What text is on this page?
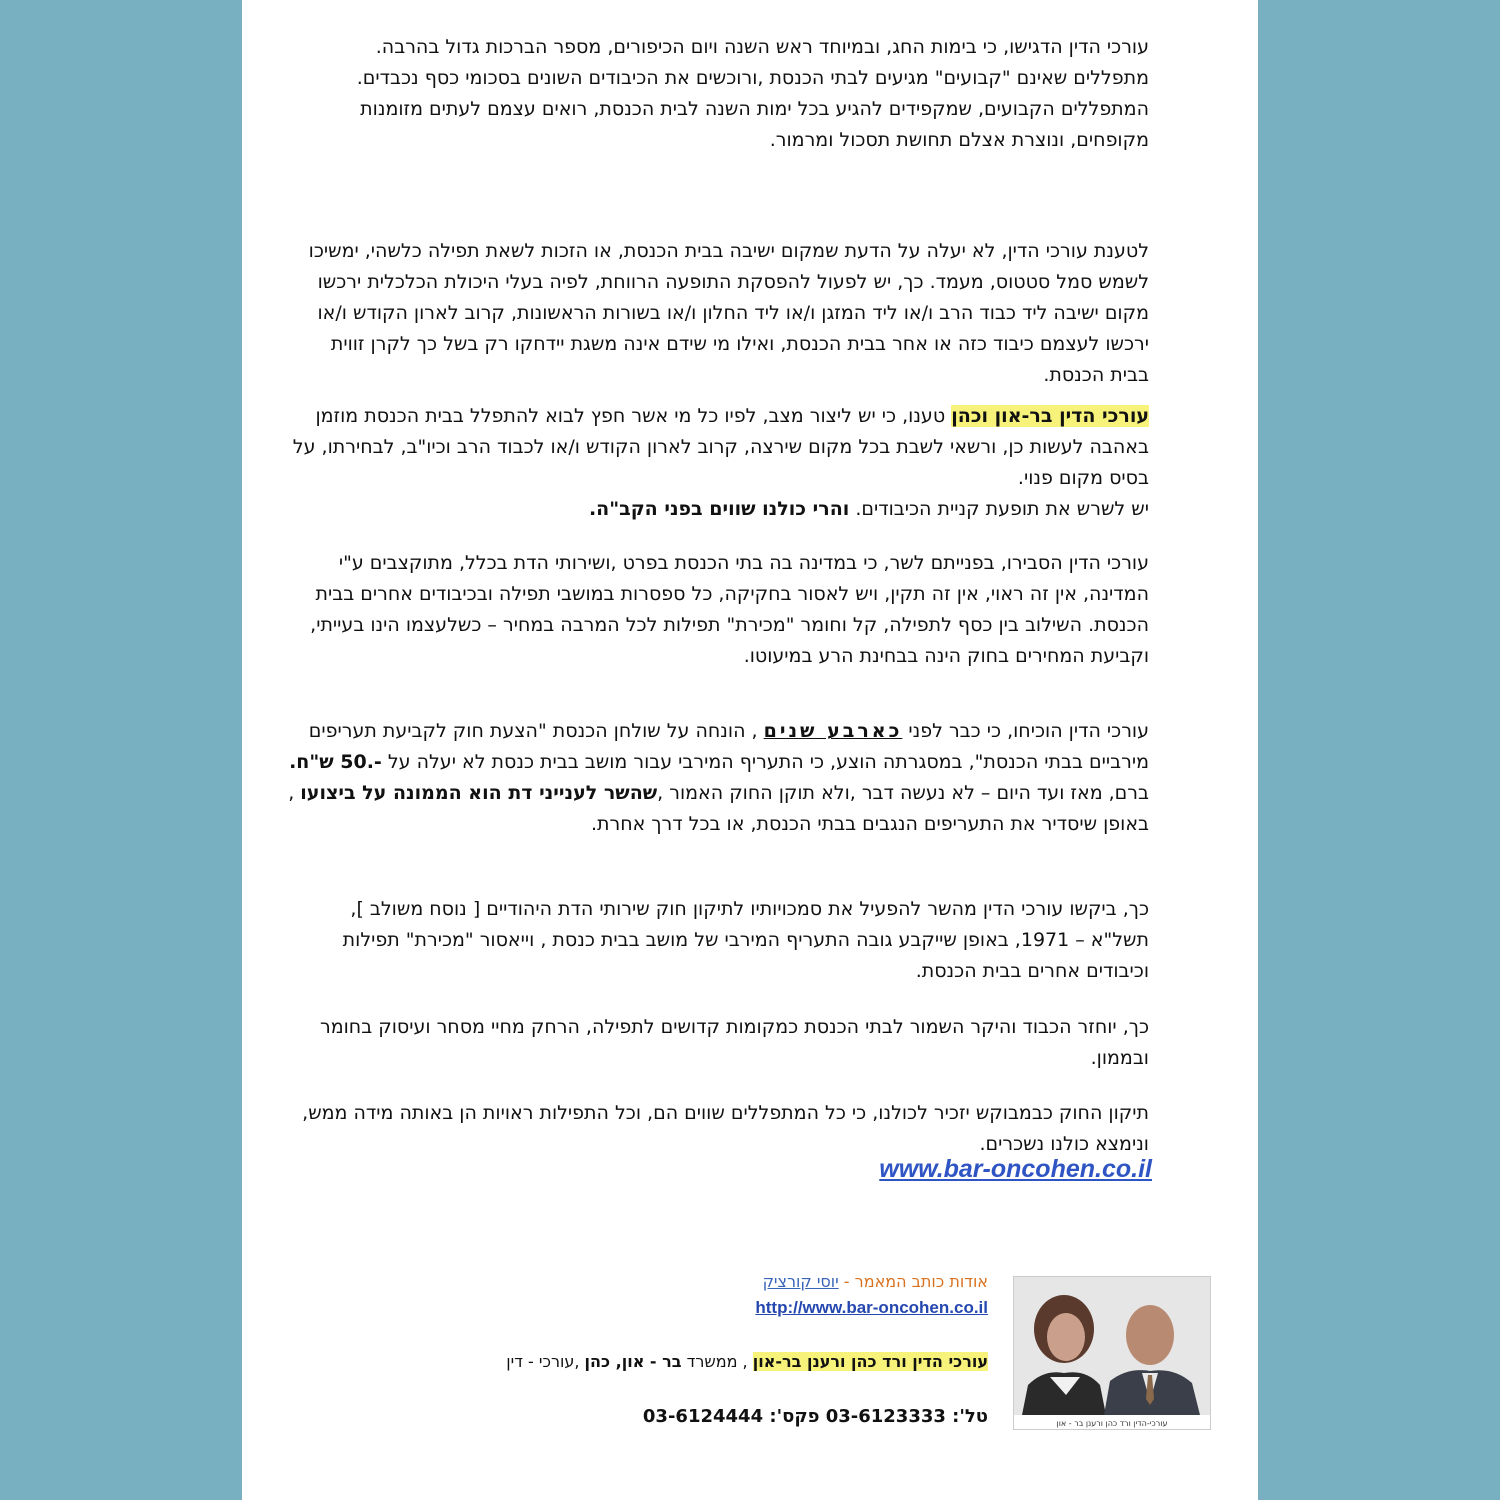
עורכי הדין הדגישו, כי בימות החג, ובמיוחד ראש השנה ויום הכיפורים, מספר הברכות גדול בהרבה.

מתפללים שאינם "קבועים" מגיעים לבתי הכנסת ,ורוכשים את הכיבודים השונים בסכומי כסף נכבדים.

המתפללים הקבועים, שמקפידים להגיע בכל ימות השנה לבית הכנסת, רואים עצמם לעתים מזומנות מקופחים, ונוצרת אצלם תחושת תסכול ומרמור.

לטענת עורכי הדין, לא יעלה על הדעת שמקום ישיבה בבית הכנסת, או הזכות לשאת תפילה כלשהי, ימשיכו לשמש סמל סטטוס, מעמד. כך, יש לפעול להפסקת התופעה הרווחת, לפיה בעלי היכולת הכלכלית ירכשו מקום ישיבה ליד כבוד הרב ו/או ליד המזגן ו/או ליד החלון ו/או בשורות הראשונות, קרוב לארון הקודש ו/או ירכשו לעצמם כיבוד כזה או אחר בבית הכנסת, ואילו מי שידם אינה משגת יידחקו רק בשל כך לקרן זווית בבית הכנסת.

עורכי הדין בר-און וכהן טענו, כי יש ליצור מצב, לפיו כל מי אשר חפץ לבוא להתפלל בבית הכנסת מוזמן באהבה לעשות כן, ורשאי לשבת בכל מקום שירצה, קרוב לארון הקודש ו/או לכבוד הרב וכיו"ב, לבחירתו, על בסיס מקום פנוי.

יש לשרש את תופעת קניית הכיבודים. והרי כולנו שווים בפני הקב"ה.

עורכי הדין הסבירו, בפנייתם לשר, כי במדינה בה בתי הכנסת בפרט ,ושירותי הדת בכלל, מתוקצבים ע"י המדינה, אין זה ראוי, אין זה תקין, ויש לאסור בחקיקה, כל ספסרות במושבי תפילה ובכיבודים אחרים בבית הכנסת. השילוב בין כסף לתפילה, קל וחומר "מכירת" תפילות לכל המרבה במחיר – כשלעצמו הינו בעייתי, וקביעת המחירים בחוק הינה בבחינת הרע במיעוטו.

עורכי הדין הוכיחו, כי כבר לפני כארבע שנים , הונחה על שולחן הכנסת "הצעת חוק לקביעת תעריפים מירביים בבתי הכנסת", במסגרתה הוצע, כי התעריף המירבי עבור מושב בבית כנסת לא יעלה על -.50 ש"ח.

ברם, מאז ועד היום – לא נעשה דבר ,ולא תוקן החוק האמור ,שהשר לענייני דת הוא הממונה על ביצועו , באופן שיסדיר את התעריפים הנגבים בבתי הכנסת, או בכל דרך אחרת.

כך, ביקשו עורכי הדין מהשר להפעיל את סמכויותיו לתיקון חוק שירותי הדת היהודיים [ נוסח משולב ], תשל"א – 1971, באופן שייקבע גובה התעריף המירבי של מושב בבית כנסת , וייאסור "מכירת" תפילות וכיבודים אחרים בבית הכנסת.

כך, יוחזר הכבוד והיקר השמור לבתי הכנסת כמקומות קדושים לתפילה, הרחק מחיי מסחר ועיסוק בחומר ובממון.

תיקון החוק כבמבוקש יזכיר לכולנו, כי כל המתפללים שווים הם, וכל התפילות ראויות הן באותה מידה ממש, ונימצא כולנו נשכרים.

www.bar-oncohen.co.il
אודות כותב המאמר - יוסי קורציק
http://www.bar-oncohen.co.il
עורכי הדין ורד כהן ורענן בר-און , ממשרד בר - און, כהן ,עורכי - דין
טל': 03-6123333 פקס': 03-6124444	עורכי-הדין ורד כהן ורענן בר - און
